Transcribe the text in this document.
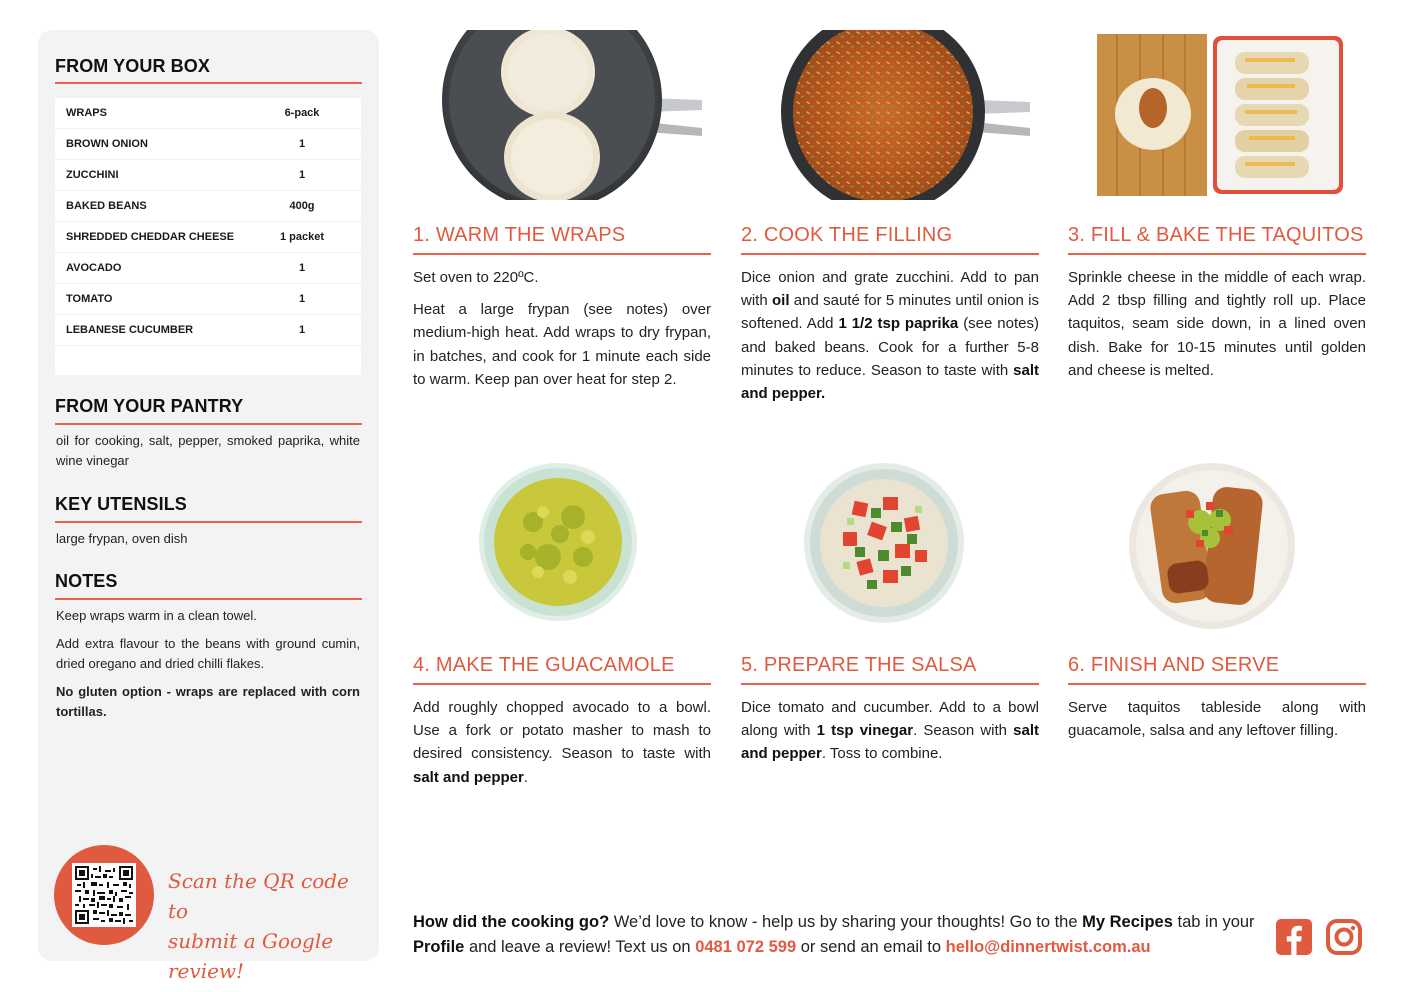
FROM YOUR BOX
WRAPS	6-pack
BROWN ONION	1
ZUCCHINI	1
BAKED BEANS	400g
SHREDDED CHEDDAR CHEESE	1 packet
AVOCADO	1
TOMATO	1
LEBANESE CUCUMBER	1
FROM YOUR PANTRY

oil for cooking, salt, pepper, smoked paprika, white wine vinegar

KEY UTENSILS

large frypan, oven dish

NOTES

Keep wraps warm in a clean towel.

Add extra flavour to the beans with ground cumin, dried oregano and dried chilli flakes.

No gluten option - wraps are replaced with corn tortillas.

Scan the QR code to
submit a Google review!
1. WARM THE WRAPS

Set oven to 220ºC.

Heat a large frypan (see notes) over medium-high heat. Add wraps to dry frypan, in batches, and cook for 1 minute each side to warm. Keep pan over heat for step 2.

2. COOK THE FILLING

Dice onion and grate zucchini. Add to pan with oil and sauté for 5 minutes until onion is softened. Add 1 1/2 tsp paprika (see notes) and baked beans. Cook for a further 5-8 minutes to reduce. Season to taste with salt and pepper.

3. FILL & BAKE THE TAQUITOS

Sprinkle cheese in the middle of each wrap. Add 2 tbsp filling and tightly roll up. Place taquitos, seam side down, in a lined oven dish. Bake for 10-15 minutes until golden and cheese is melted.

4. MAKE THE GUACAMOLE

Add roughly chopped avocado to a bowl. Use a fork or potato masher to mash to desired consistency. Season to taste with salt and pepper.

5. PREPARE THE SALSA

Dice tomato and cucumber. Add to a bowl along with 1 tsp vinegar. Season with salt and pepper. Toss to combine.

6. FINISH AND SERVE

Serve taquitos tableside along with guacamole, salsa and any leftover filling.

How did the cooking go? We’d love to know - help us by sharing your thoughts! Go to the My Recipes tab in your Profile and leave a review! Text us on 0481 072 599 or send an email to hello@dinnertwist.com.au
